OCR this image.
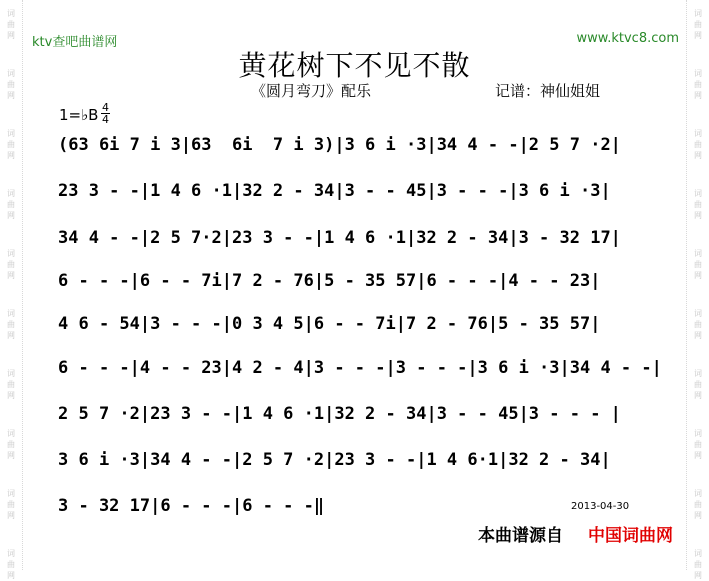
词
曲
网
词
曲
网
词
曲
网
词
曲
网
词
曲
网
词
曲
网
词
曲
网
词
曲
网
词
曲
网
词
曲
网
词
曲
网
词
曲
网
词
曲
网
词
曲
网
词
曲
网
词
曲
网
词
曲
网
词
曲
网
词
曲
网
词
曲
网
ktv查吧曲谱网	www.ktvc8.com
黄花树下不见不散
《圆月弯刀》配乐	记谱：神仙姐姐
1=♭B 4
4
(63 6i 7 i 3|63  6i  7 i 3)|3 6 i ·3|34 4 - -|2 5 7 ·2|
23 3 - -|1 4 6 ·1|32 2 - 34|3 - - 45|3 - - -|3 6 i ·3|
34 4 - -|2 5 7·2|23 3 - -|1 4 6 ·1|32 2 - 34|3 - 32 17|
6 - - -|6 - - 7i|7 2 - 76|5 - 35 57|6 - - -|4 - - 23|
4 6 - 54|3 - - -|0 3 4 5|6 - - 7i|7 2 - 76|5 - 35 57|
6 - - -|4 - - 23|4 2 - 4|3 - - -|3 - - -|3 6 i ·3|34 4 - -|
2 5 7 ·2|23 3 - -|1 4 6 ·1|32 2 - 34|3 - - 45|3 - - - |
3 6 i ·3|34 4 - -|2 5 7 ·2|23 3 - -|1 4 6·1|32 2 - 34|
3 - 32 17|6 - - -|6 - - -‖	2013-04-30
本曲谱源自 中国词曲网
